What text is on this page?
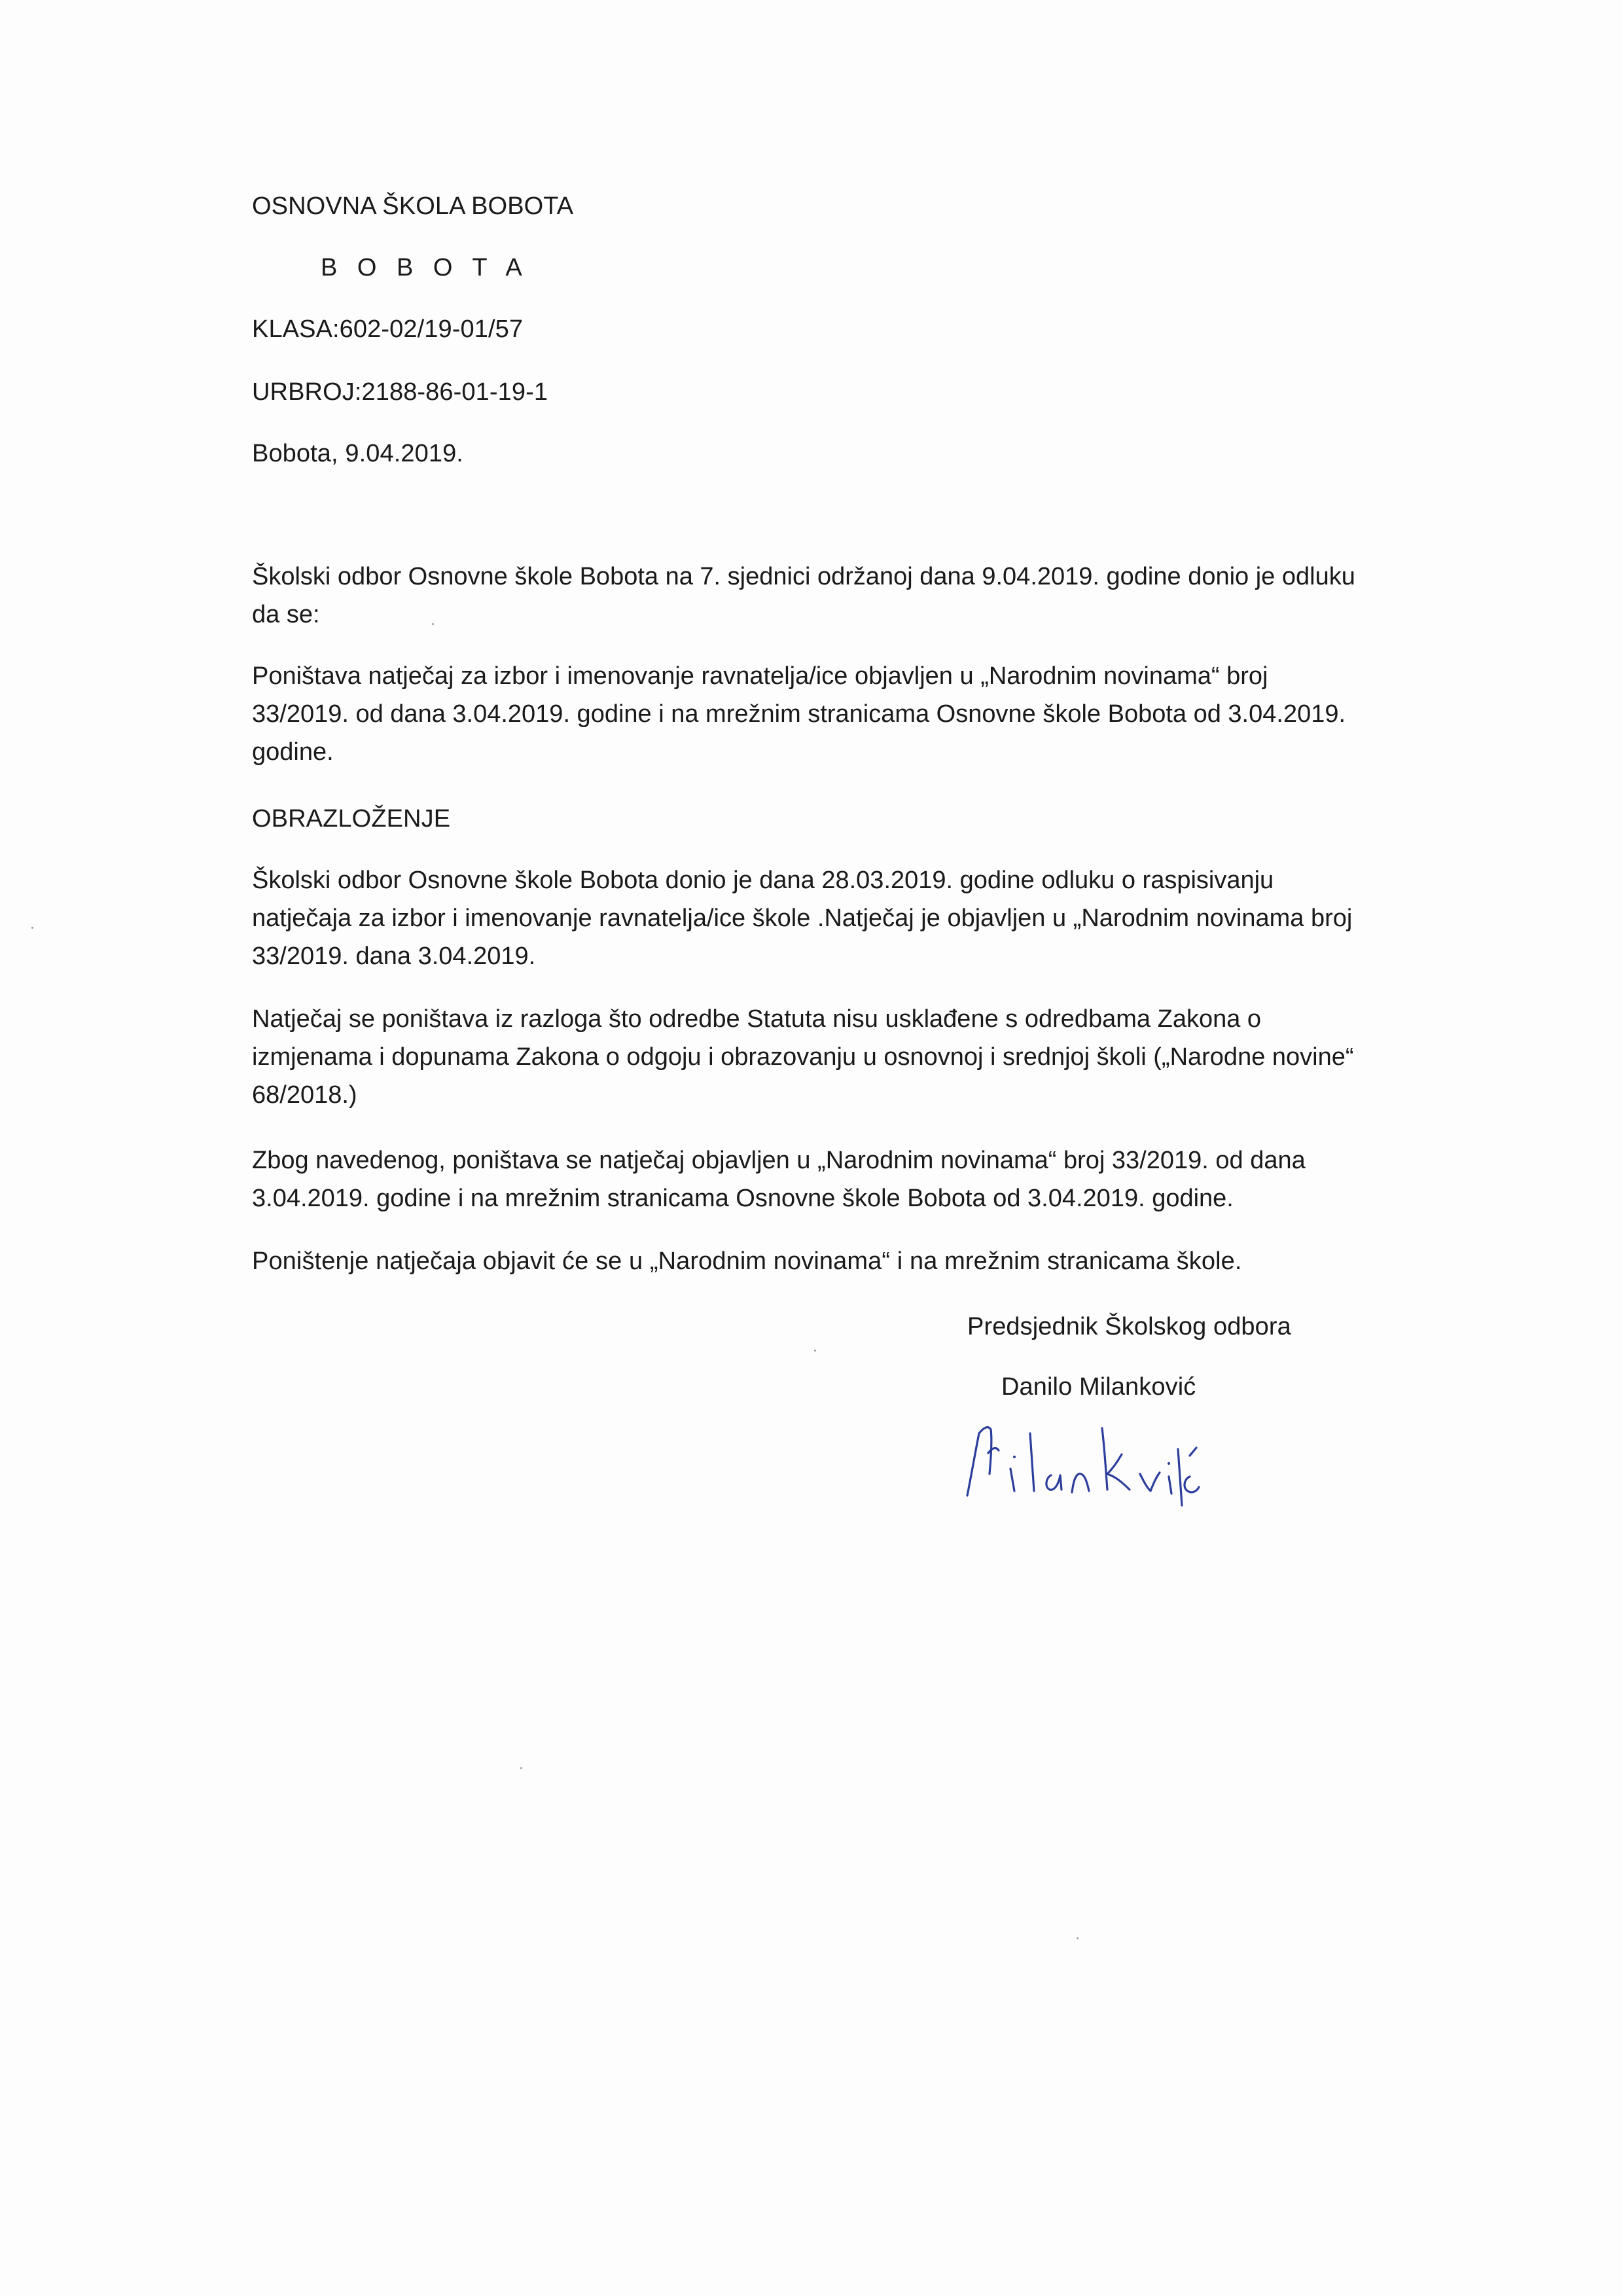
OSNOVNA ŠKOLA BOBOTA
B O B O T A
KLASA:602-02/19-01/57
URBROJ:2188-86-01-19-1
Bobota, 9.04.2019.
Školski odbor Osnovne škole Bobota na 7. sjednici održanoj dana 9.04.2019. godine donio je odluku
da se:
Poništava natječaj za izbor i imenovanje ravnatelja/ice objavljen u „Narodnim novinama“ broj
33/2019. od dana 3.04.2019. godine i na mrežnim stranicama Osnovne škole Bobota od 3.04.2019.
godine.
OBRAZLOŽENJE
Školski odbor Osnovne škole Bobota donio je dana 28.03.2019. godine odluku o raspisivanju
natječaja za izbor i imenovanje ravnatelja/ice škole .Natječaj je objavljen u „Narodnim novinama broj
33/2019. dana 3.04.2019.
Natječaj se poništava iz razloga što odredbe Statuta nisu usklađene s odredbama Zakona o
izmjenama i dopunama Zakona o odgoju i obrazovanju u osnovnoj i srednjoj školi („Narodne novine“
68/2018.)
Zbog navedenog, poništava se natječaj objavljen u „Narodnim novinama“ broj 33/2019. od dana
3.04.2019. godine i na mrežnim stranicama Osnovne škole Bobota od 3.04.2019. godine.
Poništenje natječaja objavit će se u „Narodnim novinama“ i na mrežnim stranicama škole.
Predsjednik Školskog odbora
Danilo Milanković
